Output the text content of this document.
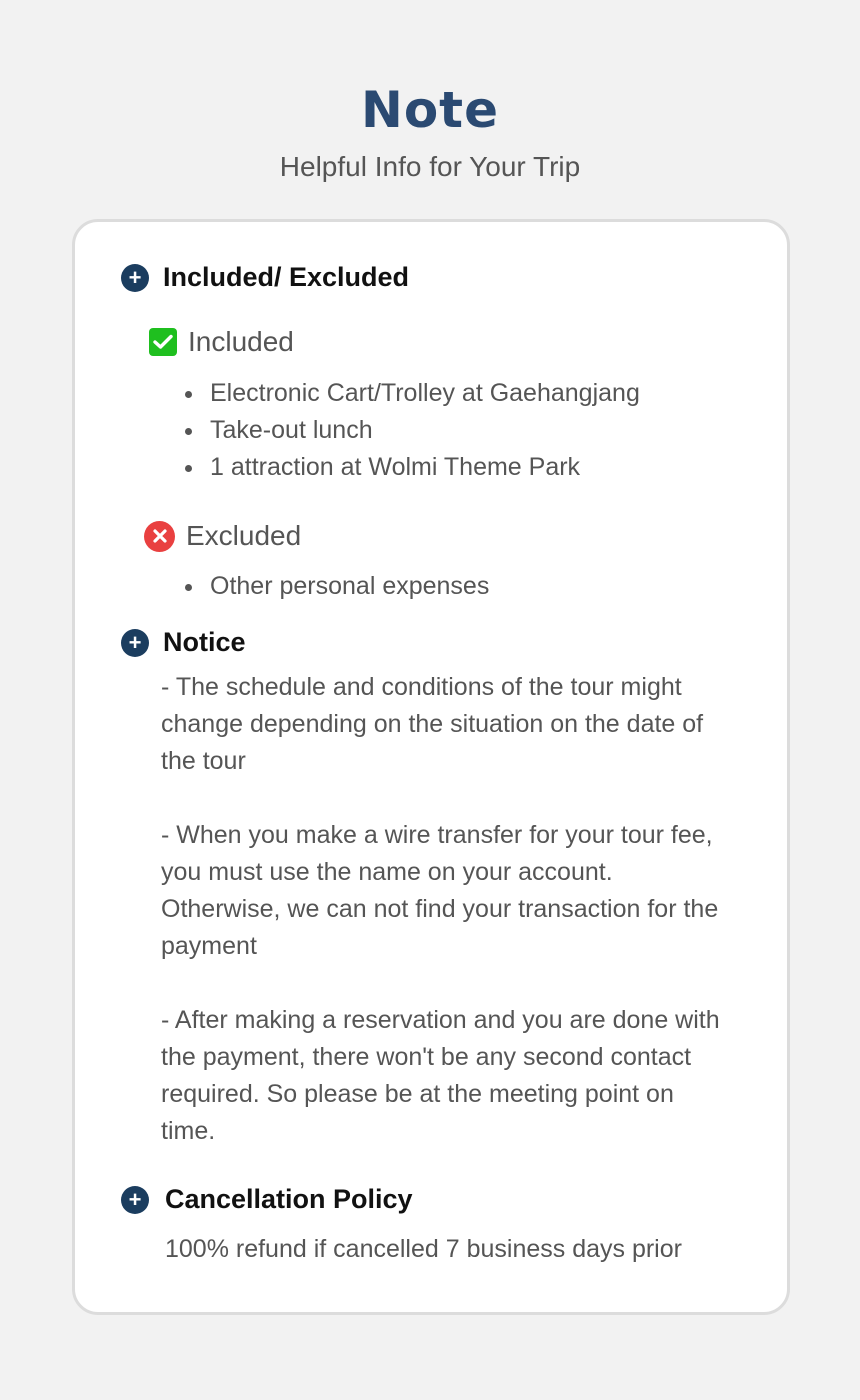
Note
Helpful Info for Your Trip
+ Included/ Excluded
Included
Electronic Cart/Trolley at Gaehangjang
Take-out lunch
1 attraction at Wolmi Theme Park
Excluded
Other personal expenses
+ Notice
- The schedule and conditions of the tour might change depending on the situation on the date of the tour
- When you make a wire transfer for your tour fee, you must use the name on your account. Otherwise, we can not find your transaction for the payment
- After making a reservation and you are done with the payment, there won't be any second contact required. So please be at the meeting point on time.
+ Cancellation Policy
100% refund if cancelled 7 business days prior
